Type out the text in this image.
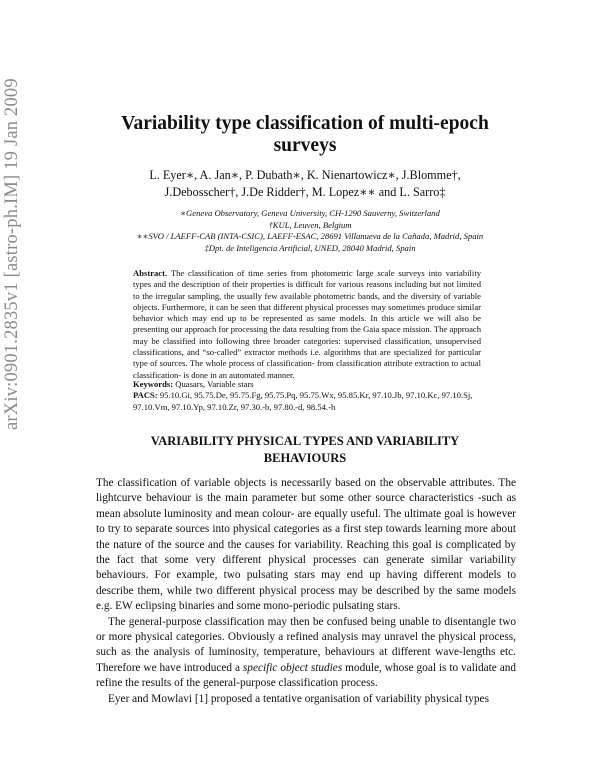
arXiv:0901.2835v1 [astro-ph.IM] 19 Jan 2009	Variability type classification of multi-epoch surveys
L. Eyer∗, A. Jan∗, P. Dubath∗, K. Nienartowicz∗, J.Blomme†,
J.Debosscher†, J.De Ridder†, M. Lopez∗∗ and L. Sarro‡
∗Geneva Observatory, Geneva University, CH-1290 Sauverny, Switzerland
†KUL, Leuven, Belgium
∗∗SVO / LAEFF-CAB (INTA-CSIC), LAEFF-ESAC, 28691 Villanueva de la Cañada, Madrid, Spain
‡Dpt. de Inteligencia Artificial, UNED, 28040 Madrid, Spain
Abstract. The classification of time series from photometric large scale surveys into variability types and the description of their properties is difficult for various reasons including but not limited to the irregular sampling, the usually few available photometric bands, and the diversity of variable objects. Furthermore, it can be seen that different physical processes may sometimes produce similar behavior which may end up to be represented as same models. In this article we will also be presenting our approach for processing the data resulting from the Gaia space mission. The approach may be classified into following three broader categories: supervised classification, unsupervised classifications, and “so-called” extractor methods i.e. algorithms that are specialized for particular type of sources. The whole process of classification- from classification attribute extraction to actual classification- is done in an automated manner.
Keywords: Quasars, Variable stars
PACS: 95.10.Gi, 95.75.De, 95.75.Fg, 95.75.Pq, 95.75.Wx, 95.85.Kr, 97.10.Jb, 97.10.Kc, 97.10.Sj, 97.10.Vm, 97.10.Yp, 97.10.Zr, 97.30.-b, 97.80.-d, 98.54.-h
VARIABILITY PHYSICAL TYPES AND VARIABILITY BEHAVIOURS

The classification of variable objects is necessarily based on the observable attributes. The lightcurve behaviour is the main parameter but some other source characteristics -such as mean absolute luminosity and mean colour- are equally useful. The ultimate goal is however to try to separate sources into physical categories as a first step towards learning more about the nature of the source and the causes for variability. Reaching this goal is complicated by the fact that some very different physical processes can generate similar variability behaviours. For example, two pulsating stars may end up having different models to describe them, while two different physical process may be described by the same models e.g. EW eclipsing binaries and some mono-periodic pulsating stars.

The general-purpose classification may then be confused being unable to disentangle two or more physical categories. Obviously a refined analysis may unravel the physical process, such as the analysis of luminosity, temperature, behaviours at different wave-lengths etc. Therefore we have introduced a specific object studies module, whose goal is to validate and refine the results of the general-purpose classification process.

Eyer and Mowlavi [1] proposed a tentative organisation of variability physical types
